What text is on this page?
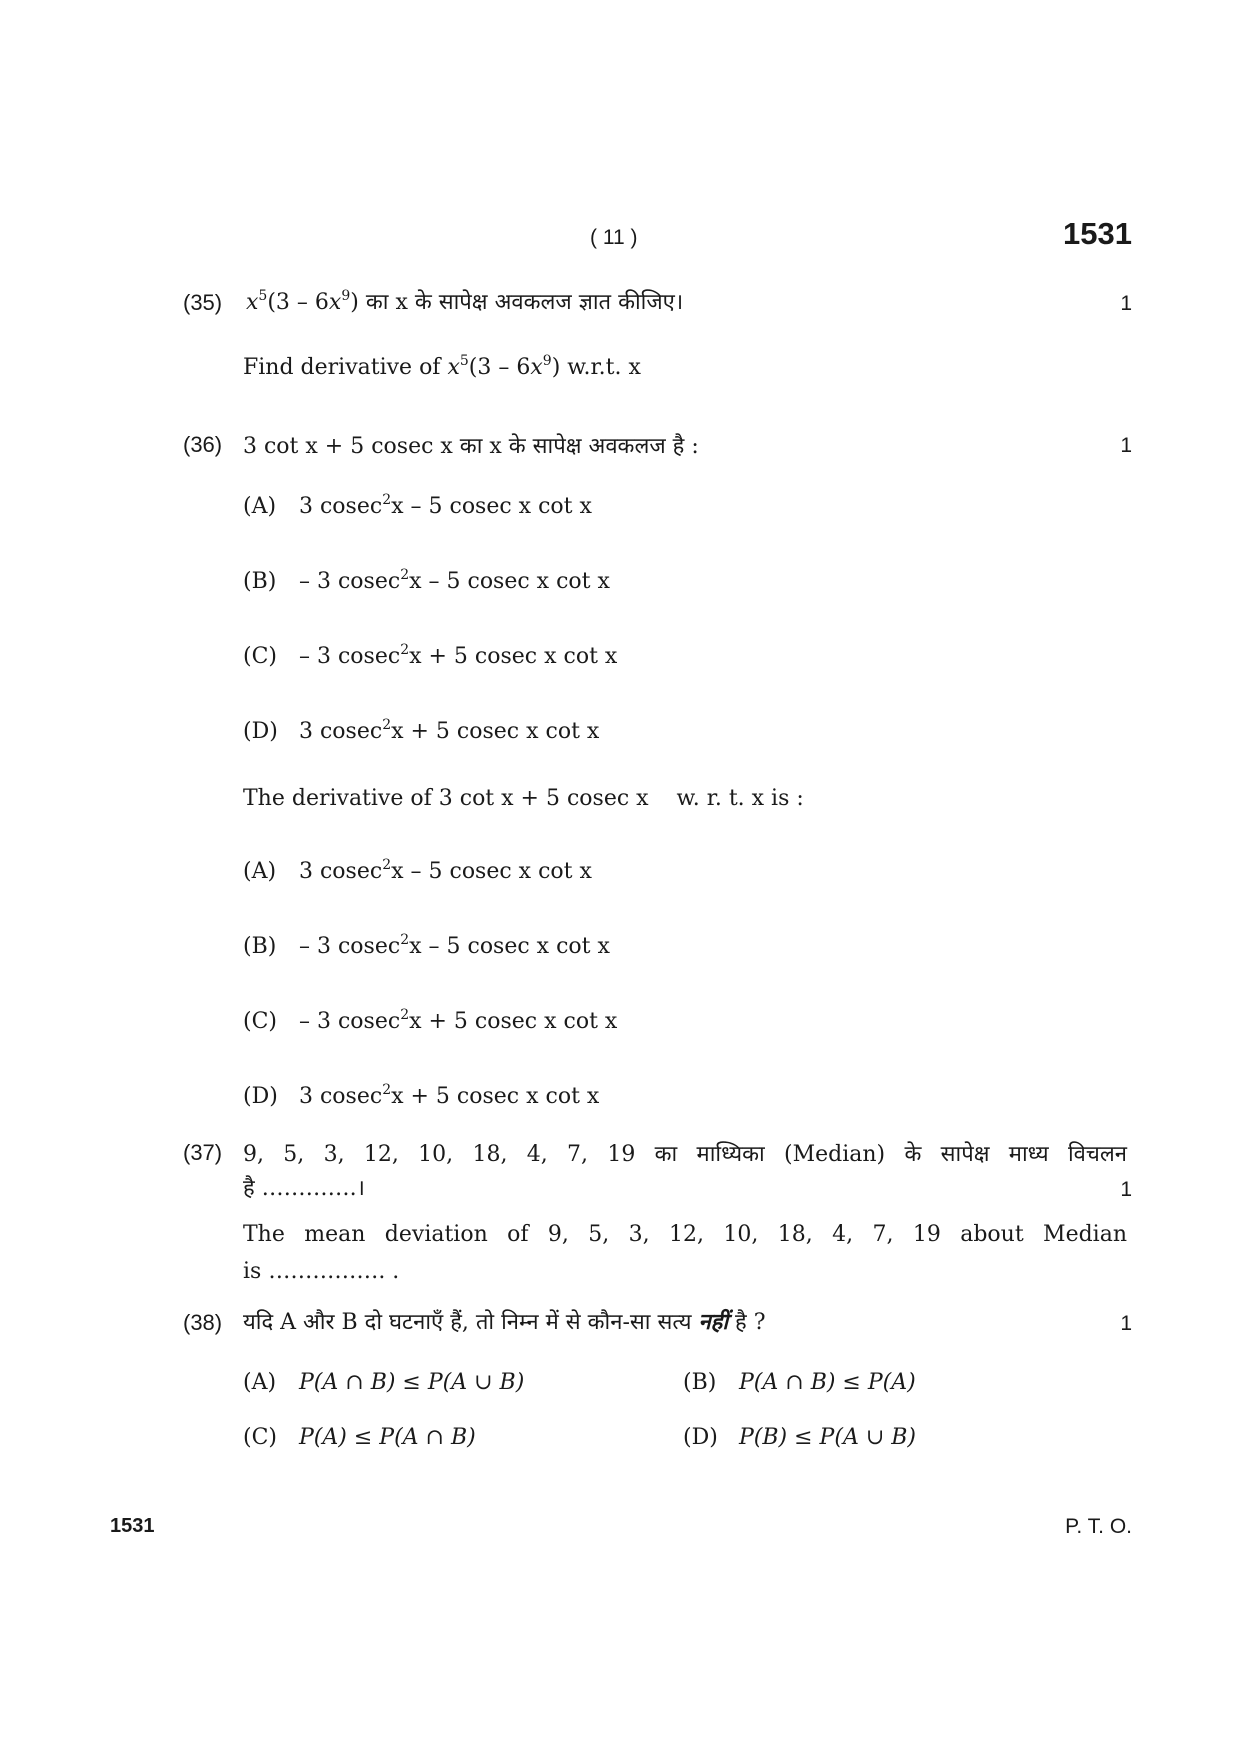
( 11 )	1531
(35) $x^5(3 - 6x^9)$ का x के सापेक्ष अवकलज ज्ञात कीजिए।	1
Find derivative of $x^5(3 - 6x^9)$ w.r.t. x
(36) 3 cot x + 5 cosec x का x के सापेक्ष अवकलज है :	1
(A) 3 cosec$^2$x – 5 cosec x cot x
(B) – 3 cosec$^2$x – 5 cosec x cot x
(C) – 3 cosec$^2$x + 5 cosec x cot x
(D) 3 cosec$^2$x + 5 cosec x cot x
The derivative of 3 cot x + 5 cosec x    w. r. t. x is :
(A) 3 cosec$^2$x – 5 cosec x cot x
(B) – 3 cosec$^2$x – 5 cosec x cot x
(C) – 3 cosec$^2$x + 5 cosec x cot x
(D) 3 cosec$^2$x + 5 cosec x cot x
(37) 9, 5, 3, 12, 10, 18, 4, 7, 19 का माध्यिका (Median) के सापेक्ष माध्य विचलन
है ………….।	1
The mean deviation of 9, 5, 3, 12, 10, 18, 4, 7, 19 about Median
is ……………. .
(38) यदि A और B दो घटनाएँ हैं, तो निम्न में से कौन-सा सत्य नहीं है ?	1
(A) P(A ∩ B) ≤ P(A ∪ B)	(B) P(A ∩ B) ≤ P(A)
(C) P(A) ≤ P(A ∩ B)	(D) P(B) ≤ P(A ∪ B)
1531	P. T. O.
